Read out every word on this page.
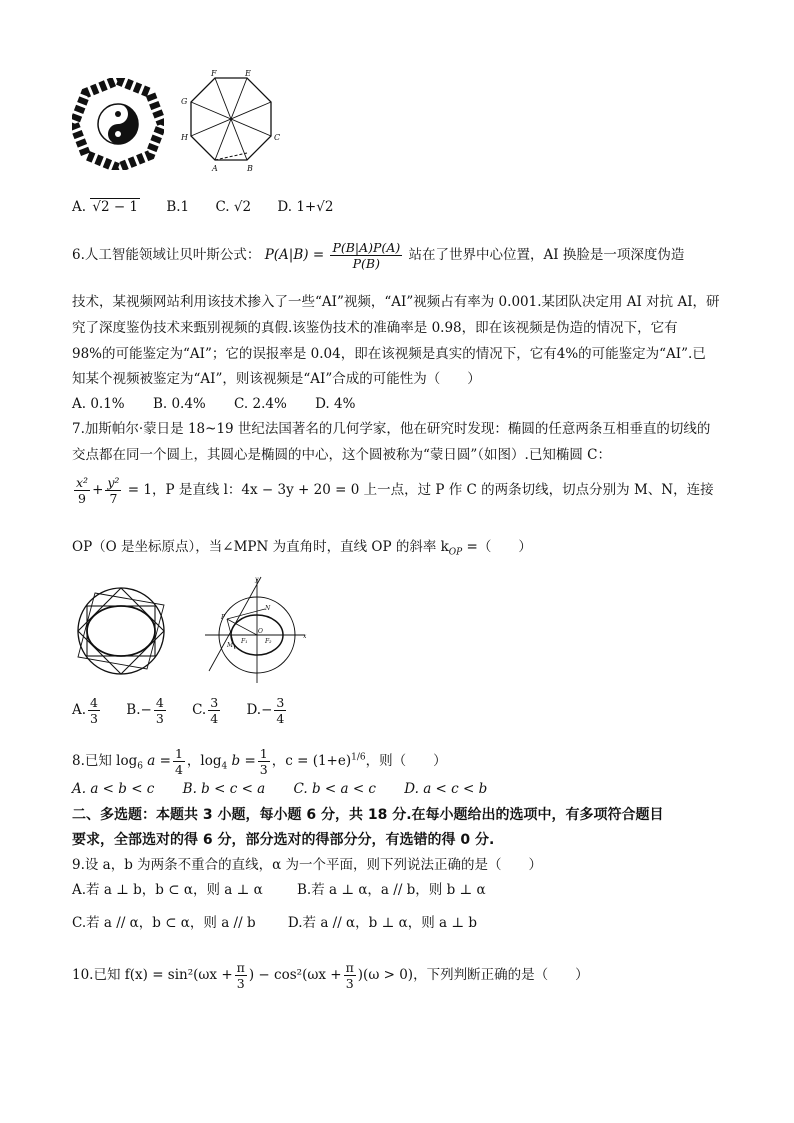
F	E
G
H	C
A	B
A. √2 − 1 B.1 C. √2 D. 1+√2
6.人工智能领域让贝叶斯公式： $P(A|B) = \frac{P(B|A)P(A)}{P(B)}$ 站在了世界中心位置，AI 换脸是一项深度伪造
技术，某视频网站利用该技术掺入了一些“AI”视频，“AI”视频占有率为 0.001.某团队决定用 AI 对抗 AI，研
究了深度鉴伪技术来甄别视频的真假.该鉴伪技术的准确率是 0.98，即在该视频是伪造的情况下，它有
98%的可能鉴定为“AI”；它的误报率是 0.04，即在该视频是真实的情况下，它有4%的可能鉴定为“AI”.已
知某个视频被鉴定为“AI”，则该视频是“AI”合成的可能性为（　　）
A. 0.1% B. 0.4% C. 2.4% D. 4%
7.加斯帕尔·蒙日是 18~19 世纪法国著名的几何学家，他在研究时发现：椭圆的任意两条互相垂直的切线的
交点都在同一个圆上，其圆心是椭圆的中心，这个圆被称为“蒙日圆”（如图）.已知椭圆 C：
$\frac{\text{x²}}{9} + \frac{\text{y²}}{7} = 1$，P 是直线 l：4x − 3y + 20 = 0 上一点，过 P 作 C 的两条切线，切点分别为 M、N，连接
OP（O 是坐标原点），当∠MPN 为直角时，直线 OP 的斜率 $k_{OP}$ =（　　）
y
P
N
O
M
F₁	F₂
x
A. $\frac{4}{3} B.- \frac{4}{3} C$. $\frac{3}{4} D.- \frac{3}{4}$
8.已知 $\log_6 a = \frac{1}{4}$ ，$\log_4 b = \frac{1}{3}$ ，$c = (1+e)^{1/6}$，则（　　）
A. a < b < c B. b < c < a C. b < a < c D. a < c < b
二、多选题：本题共 3 小题，每小题 6 分，共 18 分.在每小题给出的选项中，有多项符合题目
要求，全部选对的得 6 分，部分选对的得部分分，有选错的得 0 分.
9.设 a，b 为两条不重合的直线，α 为一个平面，则下列说法正确的是（　　）
A.若 a ⊥ b，b ⊂ α，则 a ⊥ α	B.若 a ⊥ α，a // b，则 b ⊥ α
C.若 a // α，b ⊂ α，则 a // b D.若 a // α，b ⊥ α，则 a ⊥ b
10.已知 $f(x) = \sin^2(\omega x + \frac{\pi}{3}$ ) − $\cos^2(\omega x + \frac{\pi}{3} )(\omega > 0)$，下列判断正确的是（　　）
